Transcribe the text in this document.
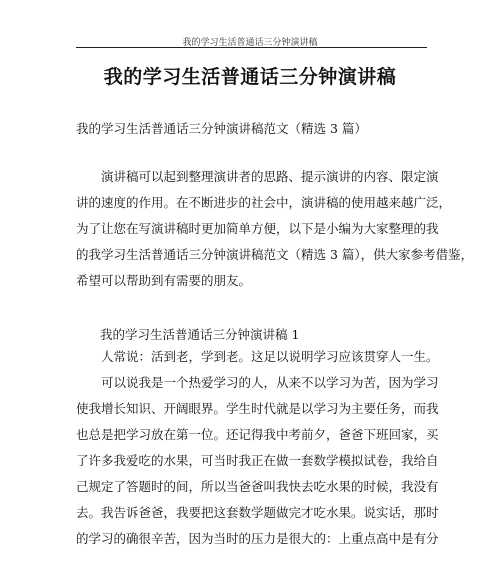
我的学习生活普通话三分钟演讲稿
我的学习生活普通话三分钟演讲稿
我的学习生活普通话三分钟演讲稿范文（精选 3 篇）
　　演讲稿可以起到整理演讲者的思路、提示演讲的内容、限定演
讲的速度的作用。在不断进步的社会中，演讲稿的使用越来越广泛，
为了让您在写演讲稿时更加简单方便，以下是小编为大家整理的我
的我学习生活普通话三分钟演讲稿范文（精选 3 篇），供大家参考借鉴，
希望可以帮助到有需要的朋友。
我的学习生活普通话三分钟演讲稿 1
　　人常说：活到老，学到老。这足以说明学习应该贯穿人一生。
　　可以说我是一个热爱学习的人，从来不以学习为苦，因为学习
使我增长知识、开阔眼界。学生时代就是以学习为主要任务，而我
也总是把学习放在第一位。还记得我中考前夕，爸爸下班回家，买
了许多我爱吃的水果，可当时我正在做一套数学模拟试卷，我给自
己规定了答题时的间，所以当爸爸叫我快去吃水果的时候，我没有
去。我告诉爸爸，我要把这套数学题做完才吃水果。说实话，那时
的学习的确很辛苦，因为当时的压力是很大的：上重点高中是有分
